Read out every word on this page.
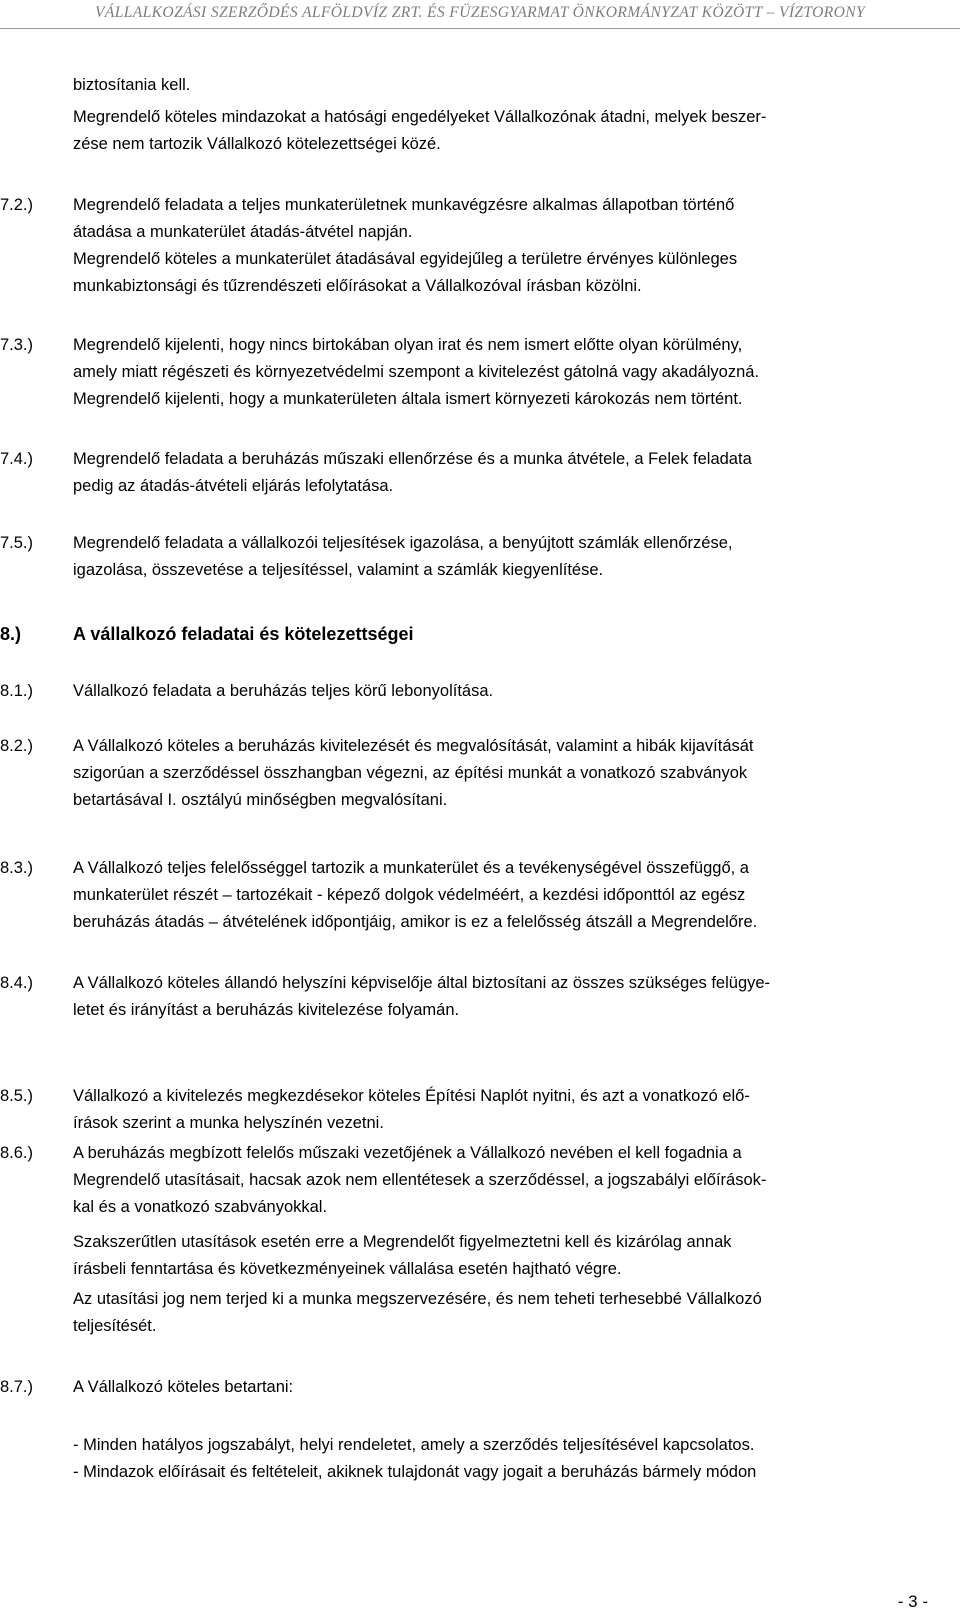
VÁLLALKOZÁSI SZERZŐDÉS ALFÖLDVÍZ ZRT. ÉS FÜZESGYARMAT ÖNKORMÁNYZAT KÖZÖTT – VÍZTORONY
biztosítania kell.
Megrendelő köteles mindazokat a hatósági engedélyeket Vállalkozónak átadni, melyek beszer-
zése nem tartozik Vállalkozó kötelezettségei közé.
7.2.) Megrendelő feladata a teljes munkaterületnek munkavégzésre alkalmas állapotban történő

átadása a munkaterület átadás-átvétel napján.

Megrendelő köteles a munkaterület átadásával egyidejűleg a területre érvényes különleges

munkabiztonsági és tűzrendészeti előírásokat a Vállalkozóval írásban közölni.

7.3.) Megrendelő kijelenti, hogy nincs birtokában olyan irat és nem ismert előtte olyan körülmény,

amely miatt régészeti és környezetvédelmi szempont a kivitelezést gátolná vagy akadályozná.

Megrendelő kijelenti, hogy a munkaterületen általa ismert környezeti károkozás nem történt.

7.4.) Megrendelő feladata a beruházás műszaki ellenőrzése és a munka átvétele, a Felek feladata

pedig az átadás-átvételi eljárás lefolytatása.

7.5.) Megrendelő feladata a vállalkozói teljesítések igazolása, a benyújtott számlák ellenőrzése,

igazolása, összevetése a teljesítéssel, valamint a számlák kiegyenlítése.

8.)	A vállalkozó feladatai és kötelezettségei
8.1.) Vállalkozó feladata a beruházás teljes körű lebonyolítása.

8.2.) A Vállalkozó köteles a beruházás kivitelezését és megvalósítását, valamint a hibák kijavítását

szigorúan a szerződéssel összhangban végezni, az építési munkát a vonatkozó szabványok

betartásával I. osztályú minőségben megvalósítani.

8.3.) A Vállalkozó teljes felelősséggel tartozik a munkaterület és a tevékenységével összefüggő, a

munkaterület részét – tartozékait - képező dolgok védelméért, a kezdési időponttól az egész

beruházás átadás – átvételének időpontjáig, amikor is ez a felelősség átszáll a Megrendelőre.

8.4.) A Vállalkozó köteles állandó helyszíni képviselője által biztosítani az összes szükséges felügye-

letet és irányítást a beruházás kivitelezése folyamán.

8.5.) Vállalkozó a kivitelezés megkezdésekor köteles Építési Naplót nyitni, és azt a vonatkozó elő-

írások szerint a munka helyszínén vezetni.

8.6.) A beruházás megbízott felelős műszaki vezetőjének a Vállalkozó nevében el kell fogadnia a

Megrendelő utasításait, hacsak azok nem ellentétesek a szerződéssel, a jogszabályi előírások-

kal és a vonatkozó szabványokkal.

Szakszerűtlen utasítások esetén erre a Megrendelőt figyelmeztetni kell és kizárólag annak

írásbeli fenntartása és következményeinek vállalása esetén hajtható végre.

Az utasítási jog nem terjed ki a munka megszervezésére, és nem teheti terhesebbé Vállalkozó

teljesítését.

8.7.) A Vállalkozó köteles betartani:

- Minden hatályos jogszabályt, helyi rendeletet, amely a szerződés teljesítésével kapcsolatos.
- Mindazok előírásait és feltételeit, akiknek tulajdonát vagy jogait a beruházás bármely módon
- 3 -
